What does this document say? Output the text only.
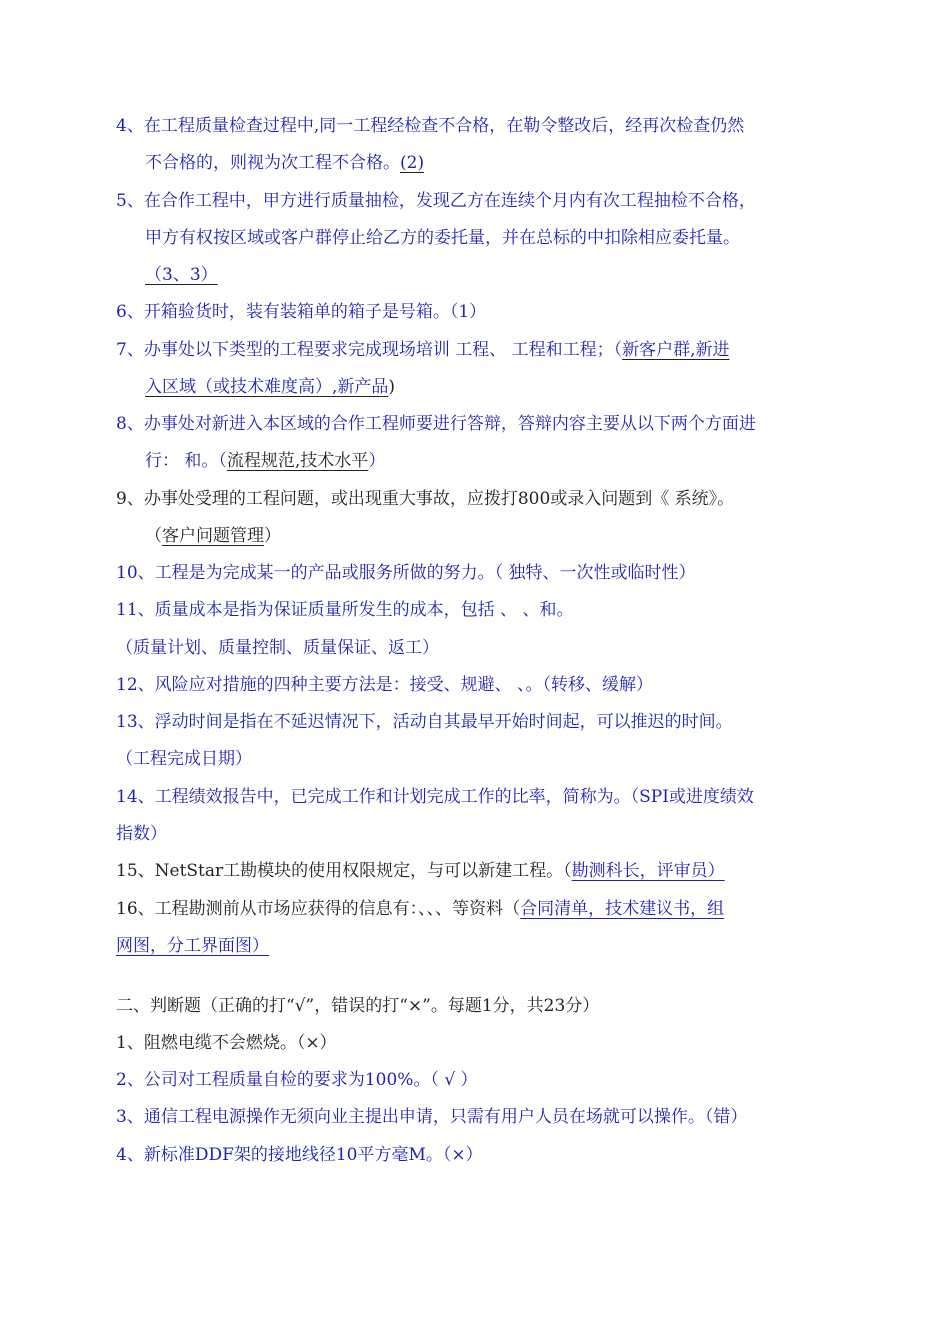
4、在工程质量检查过程中,同一工程经检查不合格，在勒令整改后，经再次检查仍然
不合格的，则视为次工程不合格。(2)
5、在合作工程中，甲方进行质量抽检，发现乙方在连续个月内有次工程抽检不合格，
甲方有权按区域或客户群停止给乙方的委托量，并在总标的中扣除相应委托量。
（3、3）
6、开箱验货时，装有装箱单的箱子是号箱。（1）
7、办事处以下类型的工程要求完成现场培训 工程、 工程和工程；（新客户群,新进
入区域（或技术难度高）,新产品)
8、办事处对新进入本区域的合作工程师要进行答辩，答辩内容主要从以下两个方面进
行： 和。（流程规范,技术水平）
9、办事处受理的工程问题，或出现重大事故，应拨打800或录入问题到《 系统》。
（客户问题管理）
10、工程是为完成某一的产品或服务所做的努力。（ 独特、一次性或临时性）
11、质量成本是指为保证质量所发生的成本，包括 、 、和。
（质量计划、质量控制、质量保证、返工）
12、风险应对措施的四种主要方法是：接受、规避、 、。（转移、缓解）
13、浮动时间是指在不延迟情况下，活动自其最早开始时间起，可以推迟的时间。
（工程完成日期）
14、工程绩效报告中，已完成工作和计划完成工作的比率，简称为。（SPI或进度绩效
指数）
15、NetStar工勘模块的使用权限规定，与可以新建工程。（勘测科长，评审员）
16、工程勘测前从市场应获得的信息有：、、、等资料（合同清单，技术建议书，组
网图，分工界面图）
二、判断题（正确的打“√”，错误的打“×”。每题1分，共23分）
1、阻燃电缆不会燃烧。（×）
2、公司对工程质量自检的要求为100%。（ √ ）
3、通信工程电源操作无须向业主提出申请，只需有用户人员在场就可以操作。（错）
4、新标准DDF架的接地线径10平方毫M。（×）
